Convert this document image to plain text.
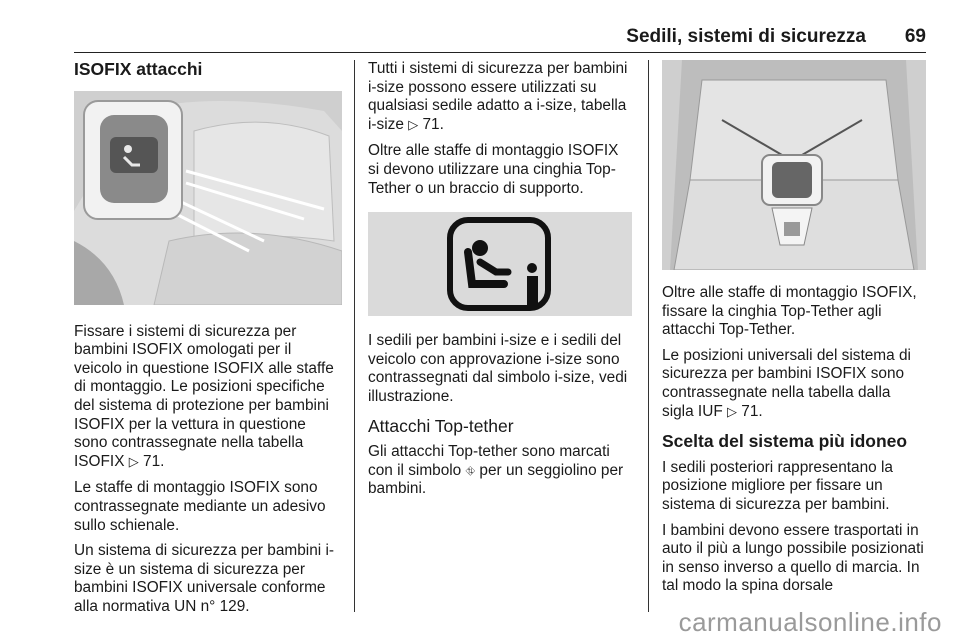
Sedili, sistemi di sicurezza 69
ISOFIX attacchi

Fissare i sistemi di sicurezza per bambini ISOFIX omologati per il veicolo in questione ISOFIX alle staffe di montaggio. Le posizioni specifiche del sistema di protezione per bambini ISOFIX per la vettura in questione sono contrassegnate nella tabella ISOFIX ▷ 71.

Le staffe di montaggio ISOFIX sono contrassegnate mediante un adesivo sullo schienale.

Un sistema di sicurezza per bambini i-size è un sistema di sicurezza per bambini ISOFIX universale conforme alla normativa UN n° 129.

Tutti i sistemi di sicurezza per bambini i-size possono essere utilizzati su qualsiasi sedile adatto a i-size, tabella i-size ▷ 71.

Oltre alle staffe di montaggio ISOFIX si devono utilizzare una cinghia Top-Tether o un braccio di supporto.

I sedili per bambini i-size e i sedili del veicolo con approvazione i-size sono contrassegnati dal simbolo i-size, vedi illustrazione.

Attacchi Top-tether

Gli attacchi Top-tether sono marcati con il simbolo ⛗ per un seggiolino per bambini.

Oltre alle staffe di montaggio ISOFIX, fissare la cinghia Top-Tether agli attacchi Top-Tether.

Le posizioni universali del sistema di sicurezza per bambini ISOFIX sono contrassegnate nella tabella dalla sigla IUF ▷ 71.

Scelta del sistema più idoneo

I sedili posteriori rappresentano la posizione migliore per fissare un sistema di sicurezza per bambini.

I bambini devono essere trasportati in auto il più a lungo possibile posizionati in senso inverso a quello di marcia. In tal modo la spina dorsale

carmanualsonline.info
